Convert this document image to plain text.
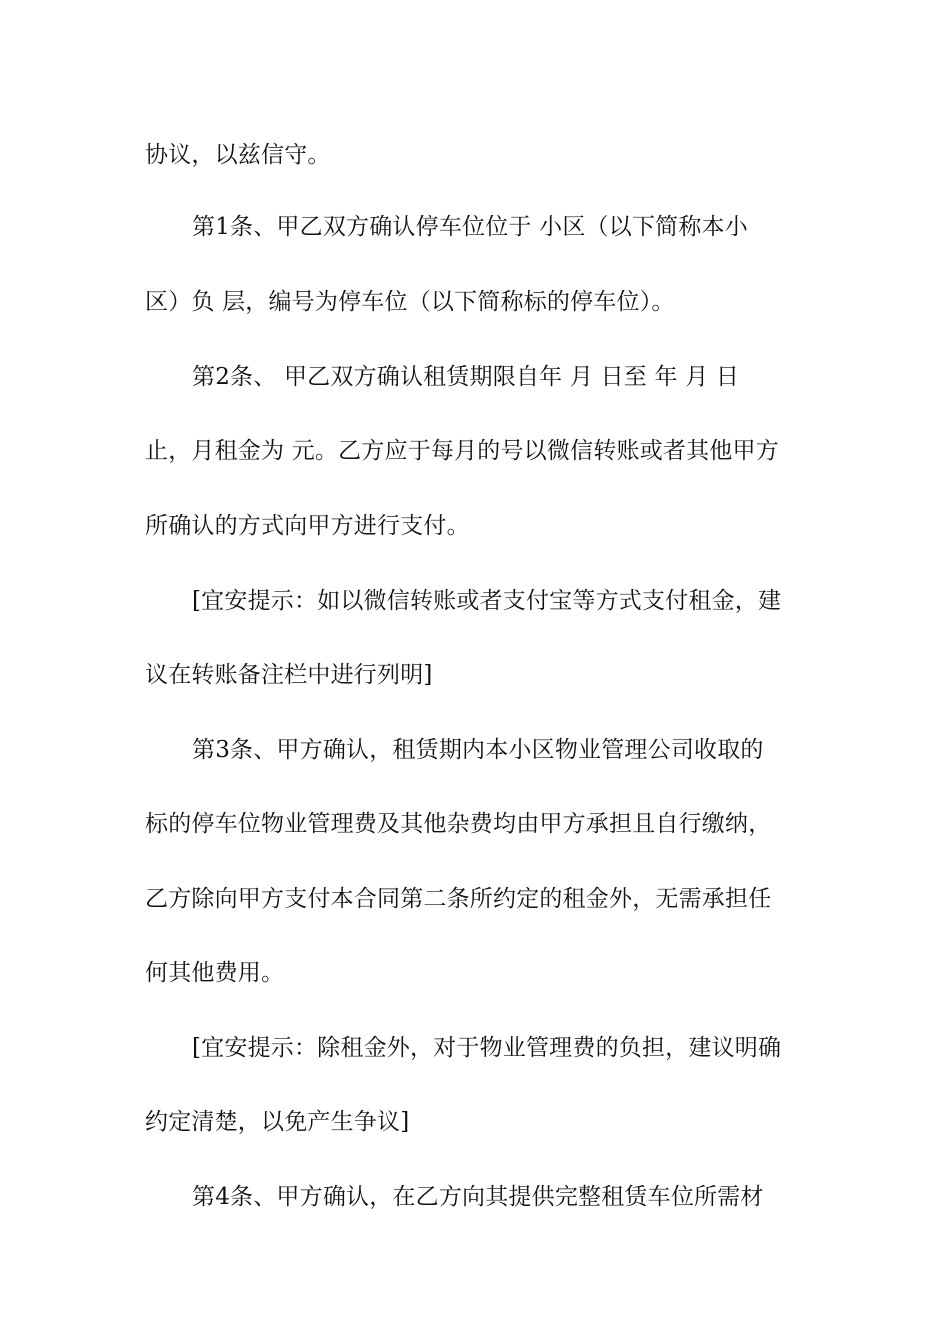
协议，以兹信守。
第1条、甲乙双方确认停车位位于 小区（以下简称本小
区）负 层，编号为停车位（以下简称标的停车位）。
第2条、 甲乙双方确认租赁期限自年 月 日至 年 月 日
止，月租金为 元。乙方应于每月的号以微信转账或者其他甲方
所确认的方式向甲方进行支付。
[宜安提示：如以微信转账或者支付宝等方式支付租金，建
议在转账备注栏中进行列明]
第3条、甲方确认，租赁期内本小区物业管理公司收取的
标的停车位物业管理费及其他杂费均由甲方承担且自行缴纳，
乙方除向甲方支付本合同第二条所约定的租金外，无需承担任
何其他费用。
[宜安提示：除租金外，对于物业管理费的负担，建议明确
约定清楚，以免产生争议]
第4条、甲方确认，在乙方向其提供完整租赁车位所需材
